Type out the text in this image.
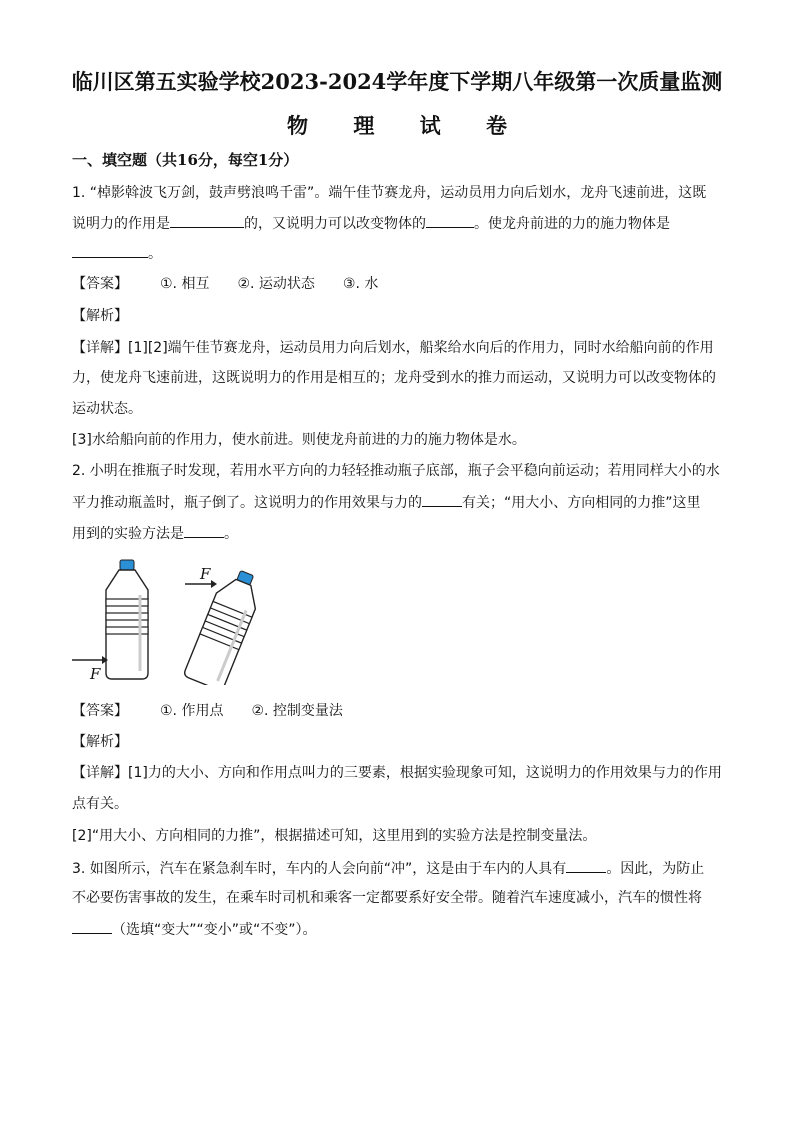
临川区第五实验学校2023-2024学年度下学期八年级第一次质量监测
物 理 试 卷
一、填空题（共16分，每空1分）
1. “棹影斡波飞万剑，鼓声劈浪鸣千雷”。端午佳节赛龙舟，运动员用力向后划水，龙舟飞速前进，这既
说明力的作用是	的，又说明力可以改变物体的	。使龙舟前进的力的施力物体是
。
【答案】 ①. 相互 ②. 运动状态 ③. 水
【解析】
【详解】[1][2]端午佳节赛龙舟，运动员用力向后划水，船桨给水向后的作用力，同时水给船向前的作用
力，使龙舟飞速前进，这既说明力的作用是相互的；龙舟受到水的推力而运动，又说明力可以改变物体的
运动状态。
[3]水给船向前的作用力，使水前进。则使龙舟前进的力的施力物体是水。
2. 小明在推瓶子时发现，若用水平方向的力轻轻推动瓶子底部，瓶子会平稳向前运动；若用同样大小的水
平力推动瓶盖时，瓶子倒了。这说明力的作用效果与力的	有关；“用大小、方向相同的力推”这里
用到的实验方法是	。
F
F
【答案】 ①. 作用点 ②. 控制变量法
【解析】
【详解】[1]力的大小、方向和作用点叫力的三要素，根据实验现象可知，这说明力的作用效果与力的作用
点有关。
[2]“用大小、方向相同的力推”，根据描述可知，这里用到的实验方法是控制变量法。
3. 如图所示，汽车在紧急刹车时，车内的人会向前“冲”，这是由于车内的人具有	。因此，为防止
不必要伤害事故的发生，在乘车时司机和乘客一定都要系好安全带。随着汽车速度减小，汽车的惯性将
（选填“变大”“变小”或“不变”）。
